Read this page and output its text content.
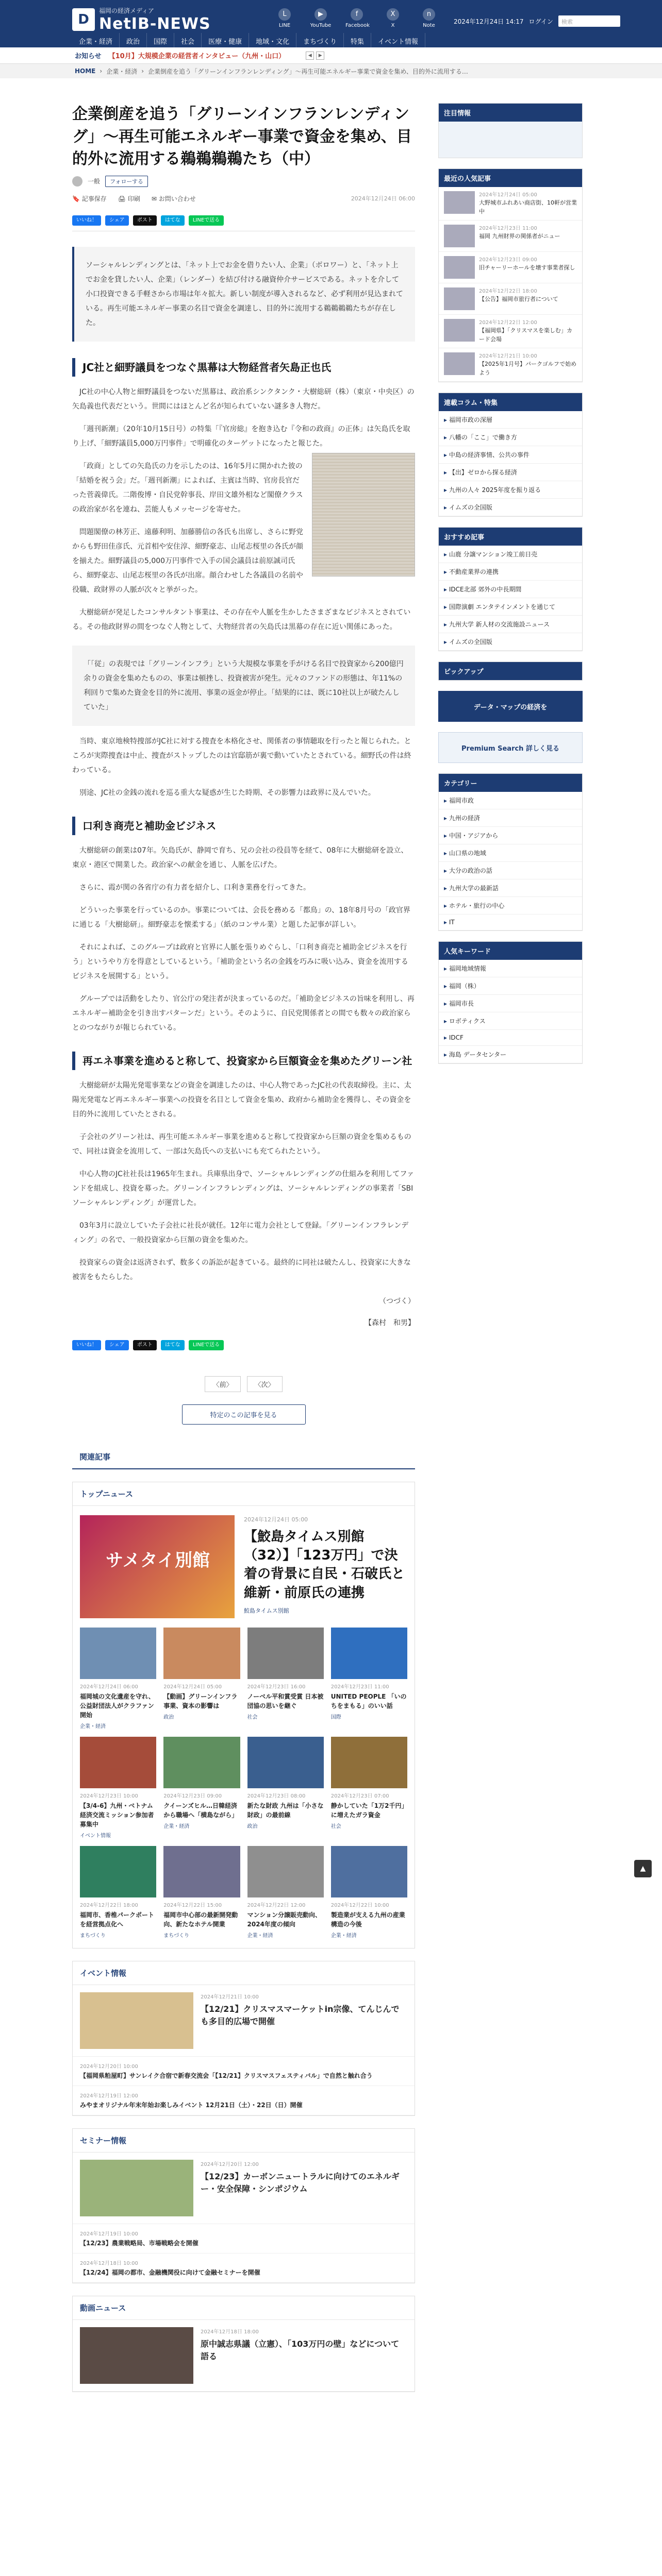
D
福岡の経済メディア
NetIB-NEWS
L
LINE
▶
YouTube
f
Facebook
X
X
n
Note
2024年12月24日 14:17 ログイン	検索
企業・経済	政治	国際	社会	医療・健康	地域・文化	まちづくり	特集	イベント情報
お知らせ 【10月】大規模企業の経営者インタビュー（九州・山口）	◀	▶
HOME › 企業・経済 › 企業倒産を追う「グリーンインフランレンディング」～再生可能エネルギー事業で資金を集め、目的外に流用する…
企業倒産を追う「グリーンインフランレンディング」～再生可能エネルギー事業で資金を集め、目的外に流用する鵜鵜鵜鵜たち（中）
一般	フォローする
🔖 記事保存 🖨 印刷 ✉ お問い合わせ	2024年12月24日 06:00
いいね！	シェア	ポスト	はてな	LINEで送る
ソーシャルレンディングとは、「ネット上でお金を借りたい人、企業」（ボロワー）と、「ネット上でお金を貸したい人、企業」（レンダー）を結び付ける融資仲介サービスである。ネットを介して小口投資できる手軽さから市場は年々拡大。新しい制度が導入されるなど、必ず利用が見込まれている。再生可能エネルギー事業の名目で資金を調達し、目的外に流用する鵜鵜鵜鵜たちが存在した。
JC社と細野議員をつなぐ黒幕は大物経営者矢島正也氏

JC社の中心人物と細野議員をつないだ黒幕は、政治系シンクタンク・大樹総研（株）（東京・中央区）の矢島義也代表だという。世間にはほとんど名が知られていない謎多き人物だ。

「週刊新潮」（20年10月15日号）の特集「『官房総』を抱き込む『令和の政商』の正体」は矢島氏を取り上げ、「細野議員5,000万円事件」で明確化のターゲットになったと報じた。

「政商」としての矢島氏の力を示したのは、16年5月に開かれた彼の「結婚を祝う会」だ。「週刊新潮」によれば、主賓は当時、官房長官だった菅義偉氏。二階俊博・自民党幹事長、岸田文雄外相など閣僚クラスの政治家が名を連ね、芸能人もメッセージを寄せた。

問題閣僚の林芳正、遠藤利明、加藤勝信の各氏も出席し、さらに野党からも野田佳彦氏、元首相や安住淳、細野豪志、山尾志桜里の各氏が顔を揃えた。細野議員の5,000万円事件で入手の国会議員は前原誠司氏ら、細野豪志、山尾志桜里の各氏が出席。顔合わせした各議員の名前や役職、政財界の人脈が次々と挙がった。

大樹総研が発足したコンサルタント事業は、その存在や人脈を生かしたさまざまなビジネスとされている。その他政財界の間をつなぐ人物として、大物経営者の矢島氏は黒幕の存在に近い関係にあった。

「「従」の表現では「グリーンインフラ」という大規模な事業を手がける名目で投資家から200億円余りの資金を集めたものの、事業は頓挫し、投資被害が発生。元々のファンドの形態は、年11%の利回りで集めた資金を目的外に流用、事業の返金が停止。「結果的には、既に10社以上が破たんしていた」

当時、東京地検特捜部がJC社に対する捜査を本格化させ、関係者の事情聴取を行ったと報じられた。ところが実際捜査は中止、捜査がストップしたのは官邸筋が裏で動いていたとされている。細野氏の件は終わっている。

別途、JC社の金銭の流れを巡る重大な疑惑が生じた時期、その影響力は政界に及んでいた。

口利き商売と補助金ビジネス

大樹総研の創業は07年。矢島氏が、静岡で育ち、兄の会社の役員等を経て、08年に大樹総研を設立、東京・港区で開業した。政治家への献金を通じ、人脈を広げた。

さらに、霞が関の各省庁の有力者を紹介し、口利き業務を行ってきた。

どういった事業を行っているのか。事業については、会長を務める「都鳥」の、18年8月号の「政官界に通じる「大樹総研」。細野豪志を懐柔する」（紙のコンサル業）と題した記事が詳しい。

それによれば、このグループは政府と官界に人脈を張りめぐらし、「口利き商売と補助金ビジネスを行う」というやり方を得意としているという。「補助金という名の金銭を巧みに吸い込み、資金を流用するビジネスを展開する」という。

グループでは活動をしたり、官公庁の発注者が決まっているのだ。「補助金ビジネスの旨味を利用し、再エネルギー補助金を引き出すパターンだ」という。そのように、自民党関係者との間でも数々の政治家らとのつながりが報じられている。

再エネ事業を進めると称して、投資家から巨額資金を集めたグリーン社

大樹総研が太陽光発電事業などの資金を調達したのは、中心人物であったJC社の代表取締役。主に、太陽光発電など再エネルギー事業への投資を名目として資金を集め、政府から補助金を獲得し、その資金を目的外に流用していたとされる。

子会社のグリーン社は、再生可能エネルギー事業を進めると称して投資家から巨額の資金を集めるもので、同社は資金を流用して、一部は矢島氏への支払いにも充てられたという。

中心人物のJC社社長は1965年生まれ。兵庫県出身で、ソーシャルレンディングの仕組みを利用してファンドを組成し、投資を募った。グリーンインフラレンディングは、ソーシャルレンディングの事業者「SBIソーシャルレンディング」が運営した。

03年3月に設立していた子会社に社長が就任。12年に電力会社として登録。「グリーンインフラレンディング」の名で、一般投資家から巨額の資金を集めた。

投資家らの資金は返済されず、数多くの訴訟が起きている。最終的に同社は破たんし、投資家に大きな被害をもたらした。

（つづく）

【森村　和男】

いいね！	シェア	ポスト	はてな	LINEで送る
〈前〉	〈次〉
特定のこの記事を見る
関連記事
トップニュース
サメタイ別館
2024年12月24日 05:00
【鮫島タイムス別館（32）】「123万円」で決着の背景に自民・石破氏と維新・前原氏の連携
鮫島タイムス別館
2024年12月24日 06:00
福岡城の文化遺産を守れ、公益財団法人がクラファン開始
企業・経済
2024年12月24日 05:00
【動画】グリーンインフラ事業、資本の影響は
政治
2024年12月23日 16:00
ノーベル平和賞受賞 日本被団協の思いを継ぐ
社会
2024年12月23日 11:00
UNITED PEOPLE 「いのちをまもる」のいい話
国際
2024年12月23日 10:00
【3/4-6】九州・ベトナム経済交流ミッション参加者募集中
イベント情報
2024年12月23日 09:00
クイーンズヒル…日韓経済から職場へ「横島ながら」
企業・経済
2024年12月23日 08:00
新たな財政 九州は「小さな財政」の最前線
政治
2024年12月23日 07:00
静かしていた「1万2千円」に増えたガラ資金
社会
2024年12月22日 18:00
福岡市、香椎パークポートを経営拠点化へ
まちづくり
2024年12月22日 15:00
福岡市中心部の最新開発動向、新たなホテル開業
まちづくり
2024年12月22日 12:00
マンション分譲販売動向、2024年度の傾向
企業・経済
2024年12月22日 10:00
製造業が支える九州の産業構造の今後
企業・経済
イベント情報
2024年12月21日 10:00
【12/21】クリスマスマーケットin宗像、てんじんでも多目的広場で開催
2024年12月20日 10:00
【福岡県粕屋町】サンレイク合宿で新春交流会「【12/21】クリスマスフェスティバル」で自然と触れ合う
2024年12月19日 12:00
みやまオリジナル年末年始お楽しみイベント 12月21日（土）・22日（日）開催
セミナー情報
2024年12月20日 12:00
【12/23】カーボンニュートラルに向けてのエネルギー・安全保障・シンポジウム
2024年12月19日 10:00
【12/23】農業戦略局、市場戦略会を開催
2024年12月18日 10:00
【12/24】福岡の都市、金融機関役に向けて金融セミナーを開催
動画ニュース
2024年12月18日 18:00
原中誠志県議（立憲）、「103万円の壁」などについて語る
注目情報
最近の人気記事
2024年12月24日 05:00
大野城市ふれあい商店街、10軒が営業中
2024年12月23日 11:00
福岡 九州財界の関係者がニュー
2024年12月23日 09:00
旧チャーリーホールを壊す事業者探し
2024年12月22日 18:00
【公告】福岡市旅行者について
2024年12月22日 12:00
【福岡県】「クリスマスを楽しむ」カード会場
2024年12月21日 10:00
【2025年1月号】パークゴルフで始めよう
連載コラム・特集
▸ 福岡市政の深層
▸ 八幡の「ここ」で働き方
▸ 中島の経済事情、公共の事件
▸ 【出】ゼロから探る経済
▸ 九州の人々 2025年度を振り返る
▸ イムズの全国版
おすすめ記事
▸ 山鹿 分譲マンション竣工前日売
▸ 不動産業界の連携
▸ IDCE北部 郊外の中長期間
▸ 国際演劇 エンタテインメントを通じて
▸ 九州大学 新人材の交流施設ニュース
▸ イムズの全国版
ピックアップ
データ・マップの経済を
Premium Search 詳しく見る
カテゴリー
▸ 福岡市政
▸ 九州の経済
▸ 中国・アジアから
▸ 山口県の地域
▸ 大分の政治の話
▸ 九州大学の最新話
▸ ホテル・旅行の中心
▸ IT
人気キーワード
▸ 福岡地域情報
▸ 福岡（株）
▸ 福岡市長
▸ ロボティクス
▸ IDCF
▸ 海島 データセンター
▲
